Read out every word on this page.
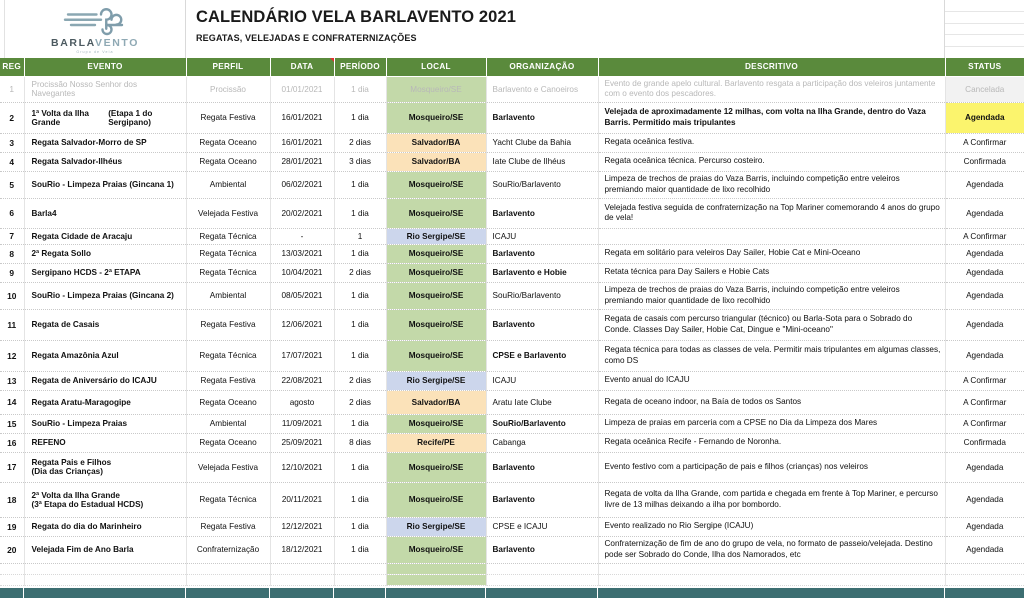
BARLAVENTO
Grupo de Vela
CALENDÁRIO VELA BARLAVENTO 2021
REGATAS, VELEJADAS E CONFRATERNIZAÇÕES
REG	EVENTO	PERFIL	DATA	PERÍODO	LOCAL	ORGANIZAÇÃO	DESCRITIVO	STATUS
1	Procissão Nosso Senhor dos Navegantes	Procissão	01/01/2021	1 dia	Mosqueiro/SE	Barlavento e Canoeiros	Evento de grande apelo cultural. Barlavento resgata a participação dos veleiros juntamente com o evento dos pescadores.	Cancelada
2	1ª Volta da Ilha Grande
(Etapa 1 do Sergipano)	Regata Festiva	16/01/2021	1 dia	Mosqueiro/SE	Barlavento	Velejada de aproximadamente 12 milhas, com volta na Ilha Grande, dentro do Vaza Barris. Permitido mais tripulantes	Agendada
3	Regata Salvador-Morro de SP	Regata Oceano	16/01/2021	2 dias	Salvador/BA	Yacht Clube da Bahia	Regata oceânica festiva.	A Confirmar
4	Regata Salvador-Ilhéus	Regata Oceano	28/01/2021	3 dias	Salvador/BA	Iate Clube de Ilhéus	Regata oceânica técnica. Percurso costeiro.	Confirmada
5	SouRio - Limpeza Praias (Gincana 1)	Ambiental	06/02/2021	1 dia	Mosqueiro/SE	SouRio/Barlavento	Limpeza de trechos de praias do Vaza Barris, incluindo competição entre veleiros premiando maior quantidade de lixo recolhido	Agendada
6	Barla4	Velejada Festiva	20/02/2021	1 dia	Mosqueiro/SE	Barlavento	Velejada festiva seguida de confraternização na Top Mariner comemorando 4 anos do grupo de vela!	Agendada
7	Regata Cidade de Aracaju	Regata Técnica	-	1	Rio Sergipe/SE	ICAJU		A Confirmar
8	2ª Regata Sollo	Regata Técnica	13/03/2021	1 dia	Mosqueiro/SE	Barlavento	Regata em solitário para veleiros Day Sailer, Hobie Cat e Mini-Oceano	Agendada
9	Sergipano HCDS - 2ª ETAPA	Regata Técnica	10/04/2021	2 dias	Mosqueiro/SE	Barlavento e Hobie	Retata técnica para Day Sailers e Hobie Cats	Agendada
10	SouRio - Limpeza Praias (Gincana 2)	Ambiental	08/05/2021	1 dia	Mosqueiro/SE	SouRio/Barlavento	Limpeza de trechos de praias do Vaza Barris, incluindo competição entre veleiros premiando maior quantidade de lixo recolhido	Agendada
11	Regata de Casais	Regata Festiva	12/06/2021	1 dia	Mosqueiro/SE	Barlavento	Regata de casais com percurso triangular (técnico) ou Barla-Sota para o Sobrado do Conde. Classes Day Sailer, Hobie Cat, Dingue e "Mini-oceano"	Agendada
12	Regata Amazônia Azul	Regata Técnica	17/07/2021	1 dia	Mosqueiro/SE	CPSE e Barlavento	Regata técnica para todas as classes de vela. Permitir mais tripulantes em algumas classes, como DS	Agendada
13	Regata de Aniversário do ICAJU	Regata Festiva	22/08/2021	2 dias	Rio Sergipe/SE	ICAJU	Evento anual do ICAJU	A Confirmar
14	Regata Aratu-Maragogipe	Regata Oceano	agosto	2 dias	Salvador/BA	Aratu Iate Clube	Regata de oceano indoor, na Baía de todos os Santos	A Confirmar
15	SouRio - Limpeza Praias	Ambiental	11/09/2021	1 dia	Mosqueiro/SE	SouRio/Barlavento	Limpeza de praias em parceria com a CPSE no Dia da Limpeza dos Mares	A Confirmar
16	REFENO	Regata Oceano	25/09/2021	8 dias	Recife/PE	Cabanga	Regata oceânica Recife - Fernando de Noronha.	Confirmada
17	Regata Pais e Filhos
(Dia das Crianças)	Velejada Festiva	12/10/2021	1 dia	Mosqueiro/SE	Barlavento	Evento festivo com a participação de pais e filhos (crianças) nos veleiros	Agendada
18	2ª Volta da Ilha Grande
(3ª Etapa do Estadual HCDS)	Regata Técnica	20/11/2021	1 dia	Mosqueiro/SE	Barlavento	Regata de volta da Ilha Grande, com partida e chegada em frente à Top Mariner, e percurso livre de 13 milhas deixando a ilha por bombordo.	Agendada
19	Regata do dia do Marinheiro	Regata Festiva	12/12/2021	1 dia	Rio Sergipe/SE	CPSE e ICAJU	Evento realizado no Rio Sergipe (ICAJU)	Agendada
20	Velejada Fim de Ano Barla	Confraternização	18/12/2021	1 dia	Mosqueiro/SE	Barlavento	Confraternização de fim de ano do grupo de vela, no formato de passeio/velejada. Destino pode ser Sobrado do Conde, Ilha dos Namorados, etc	Agendada
